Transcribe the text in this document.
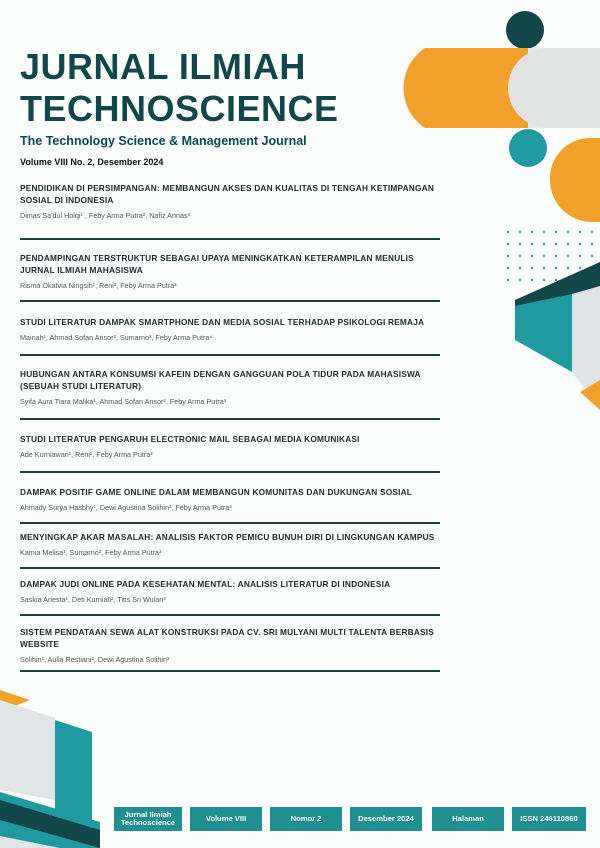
JURNAL ILMIAH
TECHNOSCIENCE
The Technology Science & Management Journal
Volume VIII No. 2, Desember 2024
PENDIDIKAN DI PERSIMPANGAN: MEMBANGUN AKSES DAN KUALITAS DI TENGAH KETIMPANGAN SOSIAL DI INDONESIA
Dimas Sa'dul Holqi¹ , Feby Arma Putra², Nafiz Annas³
PENDAMPINGAN TERSTRUKTUR SEBAGAI UPAYA MENINGKATKAN KETERAMPILAN MENULIS JURNAL ILMIAH MAHASISWA
Risma Okatvia Ningsih¹, Reni², Feby Arma Putra³
STUDI LITERATUR DAMPAK SMARTPHONE DAN MEDIA SOSIAL TERHADAP PSIKOLOGI REMAJA
Mainah¹, Ahmad Sofan Ansor², Sumarno³, Feby Arma Putra⁴
HUBUNGAN ANTARA KONSUMSI KAFEIN DENGAN GANGGUAN POLA TIDUR PADA MAHASISWA (SEBUAH STUDI LITERATUR)
Syifa Aura Tiara Malika¹, Ahmad Sofan Ansor², Feby Arma Putra³
STUDI LITERATUR PENGARUH ELECTRONIC MAIL SEBAGAI MEDIA KOMUNIKASI
Ade Kurniawan¹, Reni², Feby Arma Putra³
DAMPAK POSITIF GAME ONLINE DALAM MEMBANGUN KOMUNITAS DAN DUKUNGAN SOSIAL
Ahmady Surya Hasbhy¹, Dewi Agustina Solihin², Feby Arma Putra³
MENYINGKAP AKAR MASALAH: ANALISIS FAKTOR PEMICU BUNUH DIRI DI LINGKUNGAN KAMPUS
Kamia Melisa¹, Sumarno², Feby Arma Putra³
DAMPAK JUDI ONLINE PADA KESEHATAN MENTAL: ANALISIS LITERATUR DI INDONESIA
Saskia Ariesta¹, Deti Kurniati², Titis Sri Wulan³
SISTEM PENDATAAN SEWA ALAT KONSTRUKSI PADA CV. SRI MULYANI MULTI TALENTA BERBASIS WEBSITE
Solihin¹, Aulia Restiani², Dewi Agustina Solihin³
Jurnal Ilmiah Technoscience	Volume VIII	Nomor 2	Desember 2024	Halaman	ISSN 246110860
